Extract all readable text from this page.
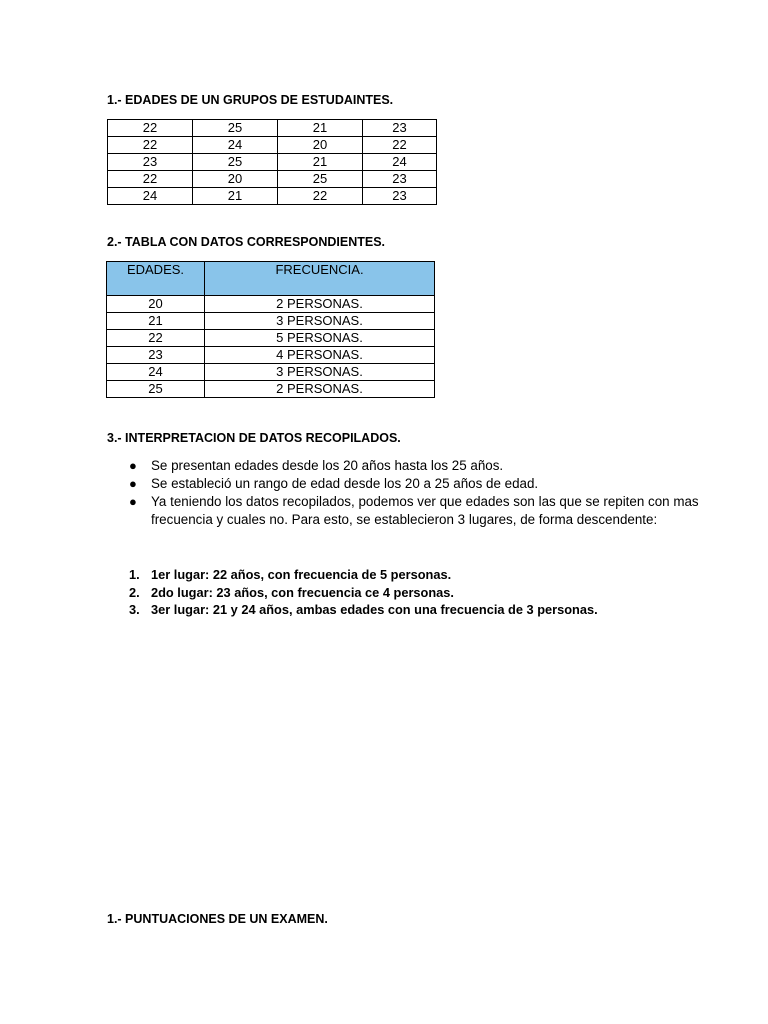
1.- EDADES DE UN GRUPOS DE ESTUDAINTES.
22	25	21	23
22	24	20	22
23	25	21	24
22	20	25	23
24	21	22	23
2.- TABLA CON DATOS CORRESPONDIENTES.
EDADES.	FRECUENCIA.
20	2 PERSONAS.
21	3 PERSONAS.
22	5 PERSONAS.
23	4 PERSONAS.
24	3 PERSONAS.
25	2 PERSONAS.
3.- INTERPRETACION DE DATOS RECOPILADOS.
● Se presentan edades desde los 20 años hasta los 25 años.
● Se estableció un rango de edad desde los 20 a 25 años de edad.
● Ya teniendo los datos recopilados, podemos ver que edades son las que se repiten con mas frecuencia y cuales no. Para esto, se establecieron 3 lugares, de forma descendente:
1. 1er lugar: 22 años, con frecuencia de 5 personas.
2. 2do lugar: 23 años, con frecuencia ce 4 personas.
3. 3er lugar: 21 y 24 años, ambas edades con una frecuencia de 3 personas.
1.- PUNTUACIONES DE UN EXAMEN.
